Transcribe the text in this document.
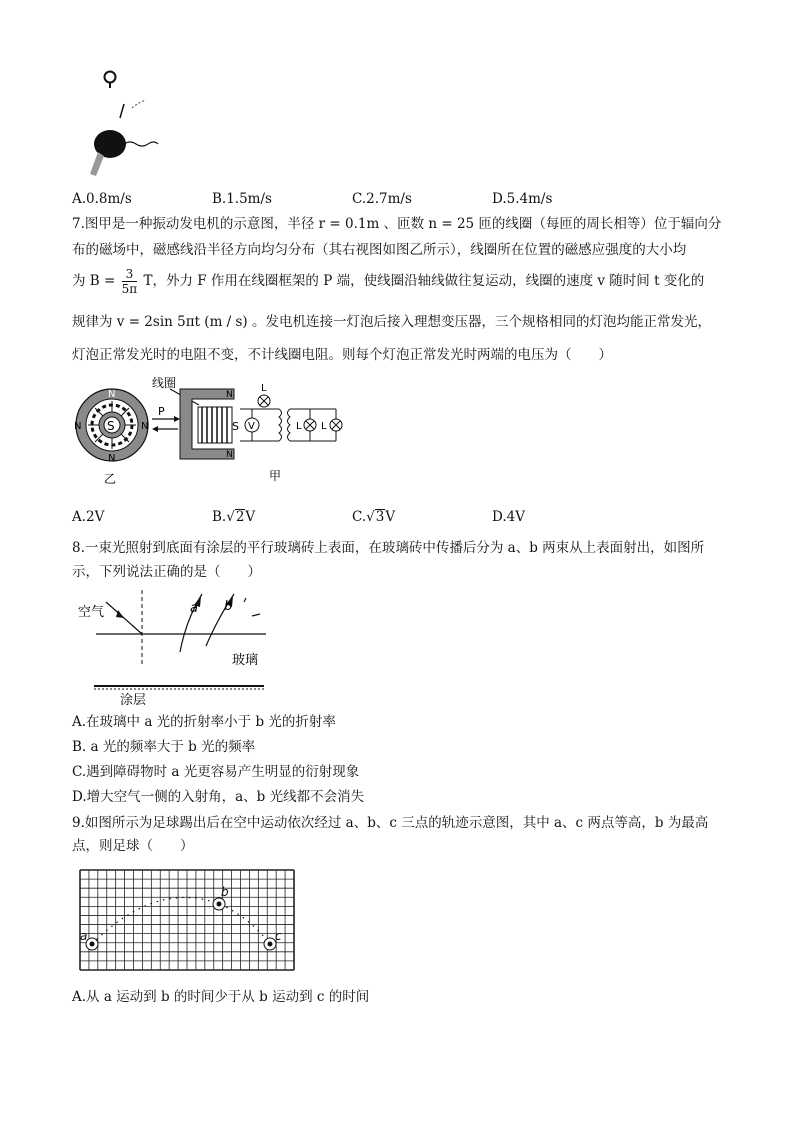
A.0.8m/s	B.1.5m/s	C.2.7m/s	D.5.4m/s
7.图甲是一种振动发电机的示意图，半径 r = 0.1m 、匝数 n = 25 匝的线圈（每匝的周长相等）位于辐向分
布的磁场中，磁感线沿半径方向均匀分布（其右视图如图乙所示），线圈所在位置的磁感应强度的大小均
为 $B = \frac{3}{5\pi}$ T，外力 F 作用在线圈框架的 P 端，使线圈沿轴线做往复运动，线圈的速度 v 随时间 t 变化的
规律为 v = 2sin 5πt (m / s) 。发电机连接一灯泡后接入理想变压器，三个规格相同的灯泡均能正常发光，
灯泡正常发光时的电阻不变，不计线圈电阻。则每个灯泡正常发光时两端的电压为（　　）
S
N
N
N	N
乙
线圈
P
S
N
N
V
L
L L
甲
A.2V	B.√2V	C.√3V	D.4V
8.一束光照射到底面有涂层的平行玻璃砖上表面，在玻璃砖中传播后分为 a、b 两束从上表面射出，如图所
示，下列说法正确的是（　　）
空气	a b
玻璃
涂层
A.在玻璃中 a 光的折射率小于 b 光的折射率
B. a 光的频率大于 b 光的频率
C.遇到障碍物时 a 光更容易产生明显的衍射现象
D.增大空气一侧的入射角，a、b 光线都不会消失
9.如图所示为足球踢出后在空中运动依次经过 a、b、c 三点的轨迹示意图，其中 a、c 两点等高，b 为最高
点，则足球（　　）
a
b
c
A.从 a 运动到 b 的时间少于从 b 运动到 c 的时间
